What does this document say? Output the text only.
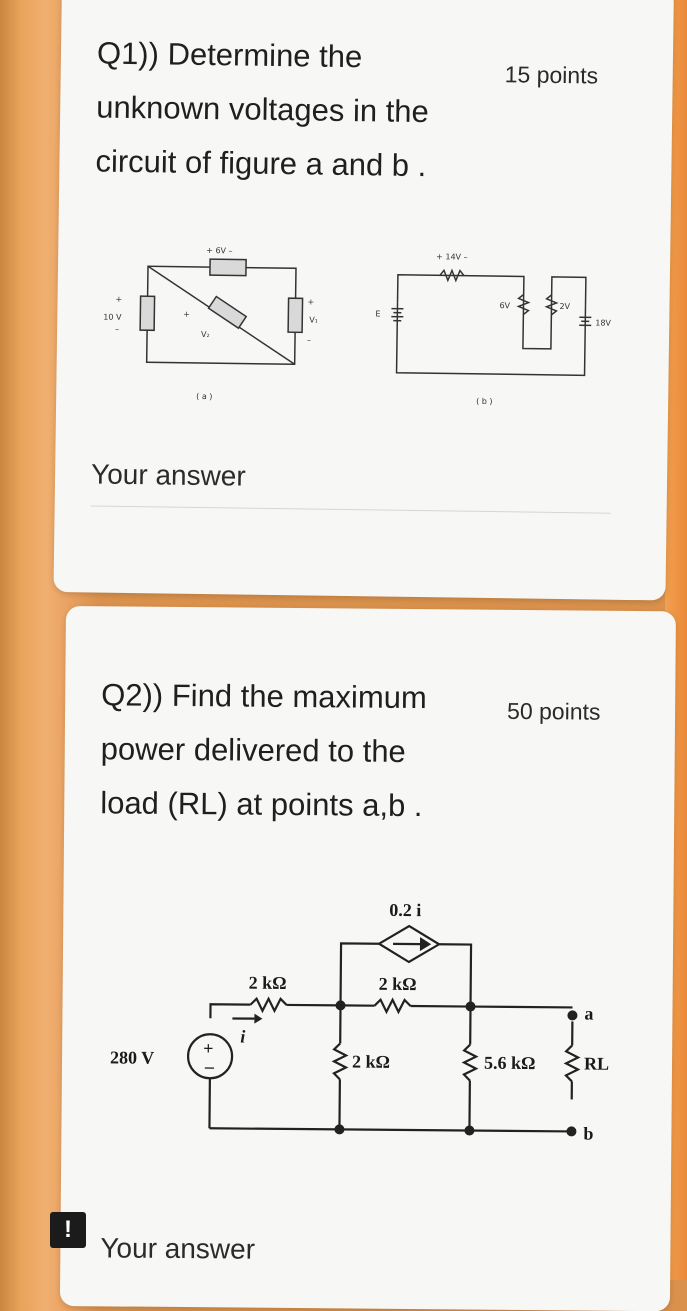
Q1)) Determine the
unknown voltages in the
circuit of figure a and b .
15 points
+ 6V –
10 V
V₂
V₁
+
–
+
+
–
( a )
+ 14V –
E
6V	2V
18V
( b )
Your answer
Q2)) Find the maximum
power delivered to the
load (RL) at points a,b .
50 points
+
–
0.2 i
2 kΩ	2 kΩ
2 kΩ	5.6 kΩ	RL
280 V
i
a
b
Your answer
!
